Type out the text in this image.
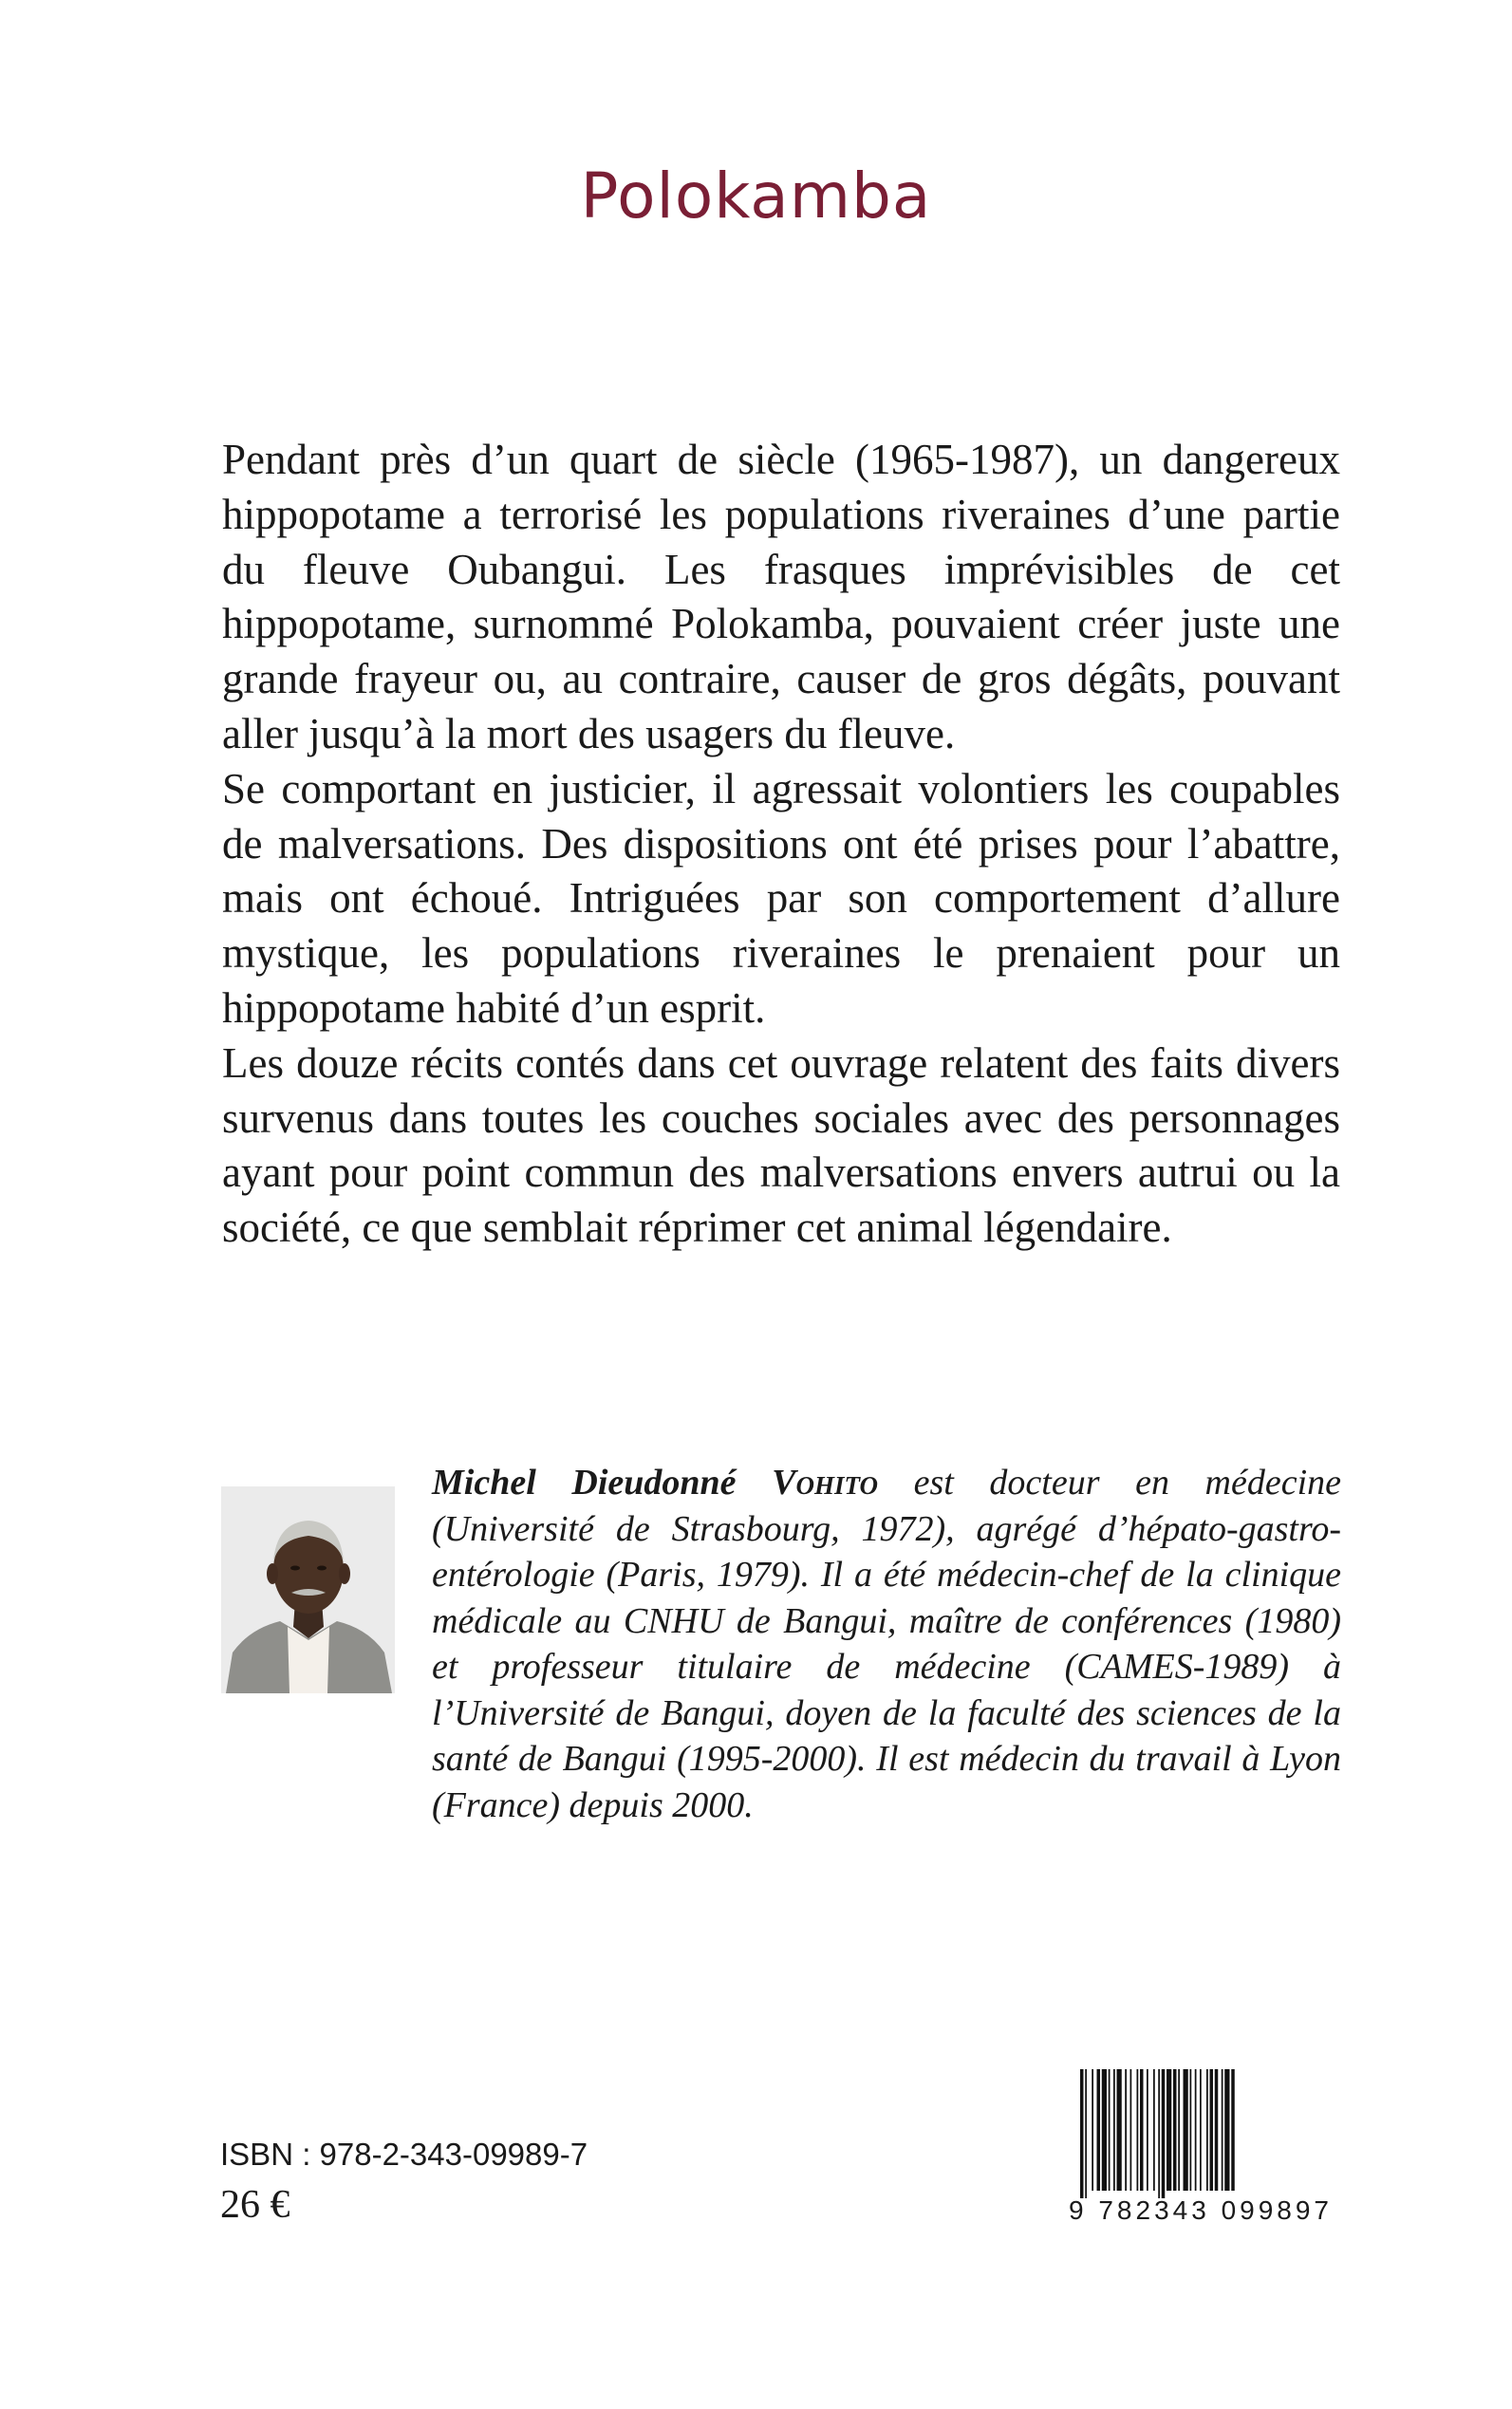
Polokamba

Pendant près d’un quart de siècle (1965-1987), un dangereux hippopotame a terrorisé les populations riveraines d’une partie du fleuve Oubangui. Les frasques imprévisibles de cet hippopotame, surnommé Polokamba, pouvaient créer juste une grande frayeur ou, au contraire, causer de gros dégâts, pouvant aller jusqu’à la mort des usagers du fleuve.

Se comportant en justicier, il agressait volontiers les coupables de malversations. Des dispositions ont été prises pour l’abattre, mais ont échoué. Intriguées par son comportement d’allure mystique, les populations riveraines le prenaient pour un hippopotame habité d’un esprit.

Les douze récits contés dans cet ouvrage relatent des faits divers survenus dans toutes les couches sociales avec des personnages ayant pour point commun des malversations envers autrui ou la société, ce que semblait réprimer cet animal légendaire.

Michel Dieudonné Vohito est docteur en médecine (Université de Strasbourg, 1972), agrégé d’hépato-gastro-entérologie (Paris, 1979). Il a été médecin-chef de la clinique médicale au CNHU de Bangui, maître de conférences (1980) et professeur titulaire de médecine (CAMES-1989) à l’Université de Bangui, doyen de la faculté des sciences de la santé de Bangui (1995-2000). Il est médecin du travail à Lyon (France) depuis 2000.
ISBN : 978-2-343-09989-7
26 €	9 782343 099897
